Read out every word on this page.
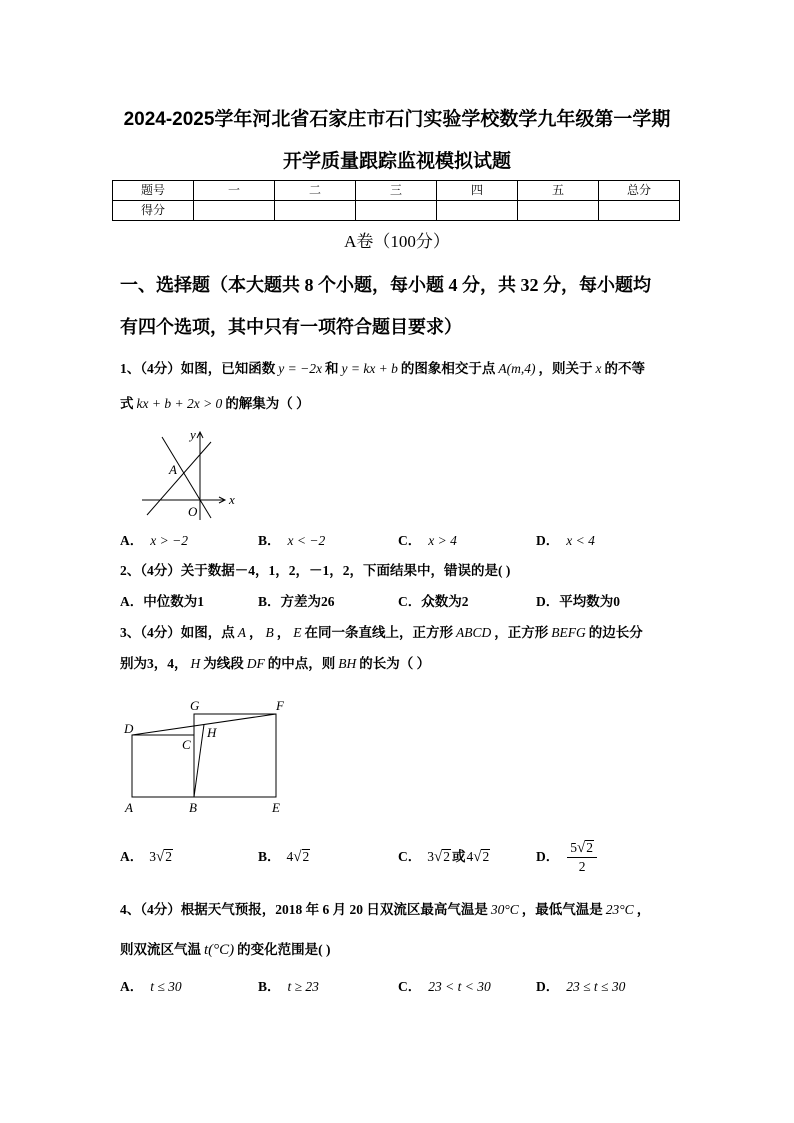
2024-2025学年河北省石家庄市石门实验学校数学九年级第一学期
开学质量跟踪监视模拟试题
题号	一	二	三	四	五	总分
得分						
A卷（100分）
一、选择题（本大题共 8 个小题，每小题 4 分，共 32 分，每小题均
有四个选项，其中只有一项符合题目要求）
1、（4分）如图，已知函数 y = −2x 和 y = kx + b 的图象相交于点 A(m,4) ，则关于 x 的不等
式 kx + b + 2x > 0 的解集为（ ）
y
x
A
O
A． x > −2	B． x < −2	C． x > 4	D． x < 4
2、（4分）关于数据－4，1，2，－1，2，下面结果中，错误的是( )
A．中位数为1	B．方差为26	C．众数为2	D．平均数为0
3、（4分）如图，点 A ， B ， E 在同一条直线上，正方形 ABCD ，正方形 BEFG 的边长分
别为3，4， H 为线段 DF 的中点，则 BH 的长为（ ）
D
G	F
C
H
A	B	E
A． 3√2	B． 4√2	C． 3√2 或4√2	D． $\frac{5√2}{2}$
4、（4分）根据天气预报，2018 年 6 月 20 日双流区最高气温是 30°C ，最低气温是 23°C ，
则双流区气温 t(°C) 的变化范围是( )
A． t ≤ 30	B． t ≥ 23	C． 23 < t < 30	D． 23 ≤ t ≤ 30
